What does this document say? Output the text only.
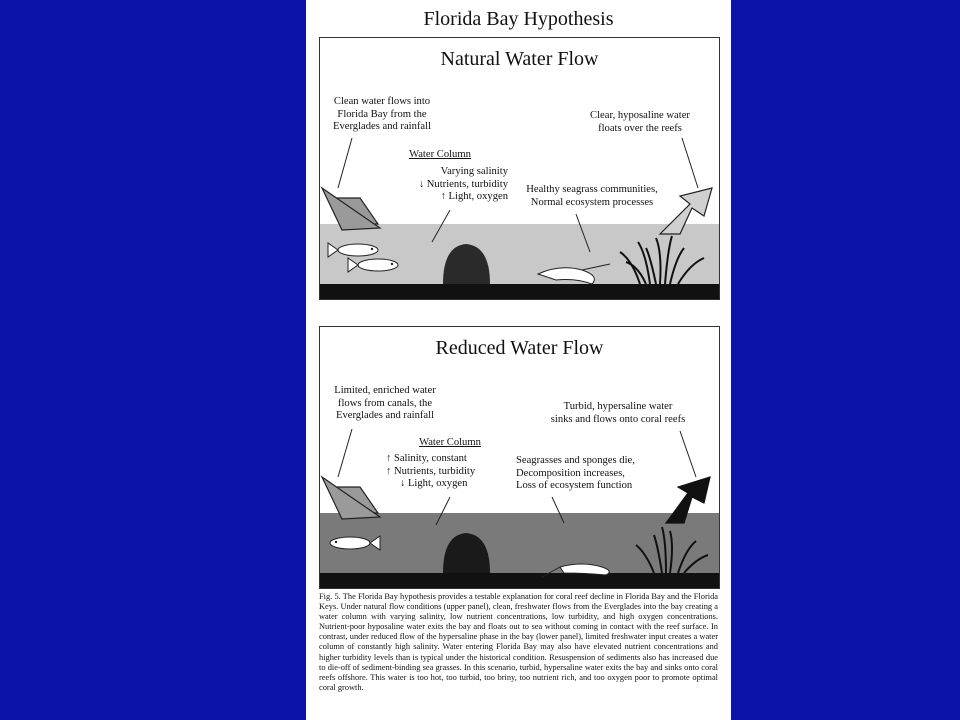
Florida Bay Hypothesis
Natural Water Flow
Clean water flows into
Florida Bay from the
Everglades and rainfall
Clear, hyposaline water
floats over the reefs
Water Column
Varying salinity
↓ Nutrients, turbidity
↑ Light, oxygen
Healthy seagrass communities,
Normal ecosystem processes
Reduced Water Flow
Limited, enriched water
flows from canals, the
Everglades and rainfall
Turbid, hypersaline water
sinks and flows onto coral reefs
Water Column
↑ Salinity, constant
↑ Nutrients, turbidity
↓ Light, oxygen
Seagrasses and sponges die,
Decomposition increases,
Loss of ecosystem function
Fig. 5. The Florida Bay hypothesis provides a testable explanation for coral reef decline in Florida Bay and the Florida Keys. Under natural flow conditions (upper panel), clean, freshwater flows from the Everglades into the bay creating a water column with varying salinity, low nutrient concentrations, low turbidity, and high oxygen concentrations. Nutrient-poor hyposaline water exits the bay and floats out to sea without coming in contact with the reef surface. In contrast, under reduced flow of the hypersaline phase in the bay (lower panel), limited freshwater input creates a water column of constantly high salinity. Water entering Florida Bay may also have elevated nutrient concentrations and higher turbidity levels than is typical under the historical condition. Resuspension of sediments also has increased due to die-off of sediment-binding sea grasses. In this scenario, turbid, hypersaline water exits the bay and sinks onto coral reefs offshore. This water is too hot, too turbid, too briny, too nutrient rich, and too oxygen poor to promote optimal coral growth.
